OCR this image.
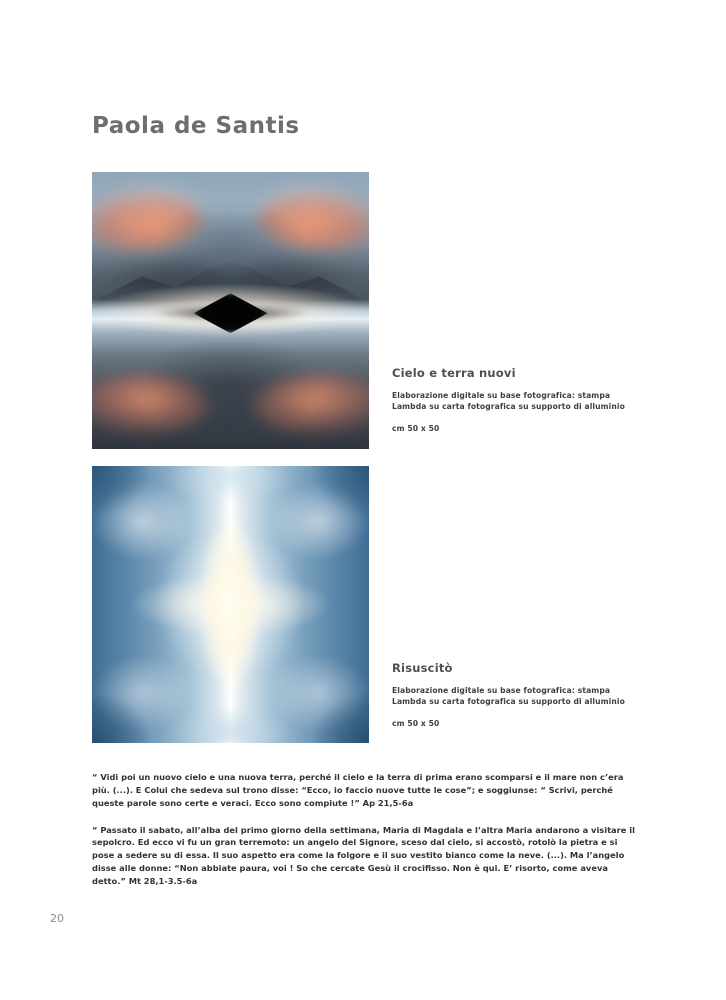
Paola de Santis
Cielo e terra nuovi
Elaborazione digitale su base fotografica: stampa Lambda su carta fotografica su supporto di alluminio
cm 50 x 50
Risuscitò
Elaborazione digitale su base fotografica: stampa Lambda su carta fotografica su supporto di alluminio
cm 50 x 50

“ Vidi poi un nuovo cielo e una nuova terra, perché il cielo e la terra di prima erano scomparsi e il mare non c’era più. (...). E Colui che sedeva sul trono disse: “Ecco, io faccio nuove tutte le cose”; e soggiunse: “ Scrivi, perché queste parole sono certe e veraci. Ecco sono compiute !” Ap 21,5-6a

“ Passato il sabato, all’alba del primo giorno della settimana, Maria di Magdala e l’altra Maria andarono a visitare il sepolcro. Ed ecco vi fu un gran terremoto: un angelo del Signore, sceso dal cielo, si accostò, rotolò la pietra e si pose a sedere su di essa. Il suo aspetto era come la folgore e il suo vestito bianco come la neve. (...). Ma l’angelo disse alle donne: “Non abbiate paura, voi ! So che cercate Gesù il crocifisso. Non è qui. E’ risorto, come aveva detto.” Mt 28,1-3.5-6a

20
